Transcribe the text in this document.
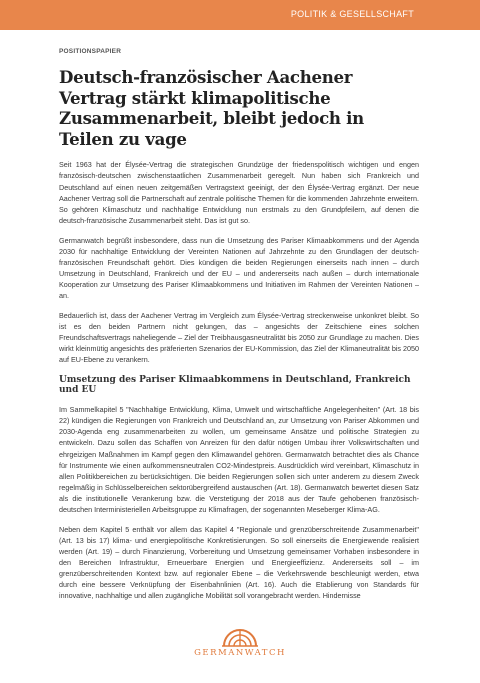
POLITIK & GESELLSCHAFT
POSITIONSPAPIER
Deutsch-französischer Aachener Vertrag stärkt klimapolitische Zusammenarbeit, bleibt jedoch in Teilen zu vage

Seit 1963 hat der Élysée-Vertrag die strategischen Grundzüge der friedenspolitisch wichtigen und engen französisch-deutschen zwischenstaatlichen Zusammenarbeit geregelt. Nun haben sich Frankreich und Deutschland auf einen neuen zeitgemäßen Vertragstext geeinigt, der den Élysée-Vertrag ergänzt. Der neue Aachener Vertrag soll die Partnerschaft auf zentrale politische Themen für die kommenden Jahrzehnte erweitern. So gehören Klimaschutz und nachhaltige Entwicklung nun erstmals zu den Grundpfeilern, auf denen die deutsch-französische Zusammenarbeit steht. Das ist gut so.

Germanwatch begrüßt insbesondere, dass nun die Umsetzung des Pariser Klimaabkommens und der Agenda 2030 für nachhaltige Entwicklung der Vereinten Nationen auf Jahrzehnte zu den Grundlagen der deutsch-französischen Freundschaft gehört. Dies kündigen die beiden Regierungen einerseits nach innen – durch Umsetzung in Deutschland, Frankreich und der EU – und andererseits nach außen – durch internationale Kooperation zur Umsetzung des Pariser Klimaabkommens und Initiativen im Rahmen der Vereinten Nationen – an.

Bedauerlich ist, dass der Aachener Vertrag im Vergleich zum Élysée-Vertrag streckenweise unkonkret bleibt. So ist es den beiden Partnern nicht gelungen, das – angesichts der Zeitschiene eines solchen Freundschaftsvertrags naheliegende – Ziel der Treibhausgasneutralität bis 2050 zur Grundlage zu machen. Dies wirkt kleinmütig angesichts des präferierten Szenarios der EU-Kommission, das Ziel der Klimaneutralität bis 2050 auf EU-Ebene zu verankern.

Umsetzung des Pariser Klimaabkommens in Deutschland, Frankreich und EU

Im Sammelkapitel 5 "Nachhaltige Entwicklung, Klima, Umwelt und wirtschaftliche Angelegenheiten" (Art. 18 bis 22) kündigen die Regierungen von Frankreich und Deutschland an, zur Umsetzung von Pariser Abkommen und 2030-Agenda eng zusammenarbeiten zu wollen, um gemeinsame Ansätze und politische Strategien zu entwickeln. Dazu sollen das Schaffen von Anreizen für den dafür nötigen Umbau ihrer Volkswirtschaften und ehrgeizigen Maßnahmen im Kampf gegen den Klimawandel gehören. Germanwatch betrachtet dies als Chance für Instrumente wie einen aufkommensneutralen CO2-Mindestpreis. Ausdrücklich wird vereinbart, Klimaschutz in allen Politikbereichen zu berücksichtigen. Die beiden Regierungen sollen sich unter anderem zu diesem Zweck regelmäßig in Schlüsselbereichen sektorübergreifend austauschen (Art. 18). Germanwatch bewertet diesen Satz als die institutionelle Verankerung bzw. die Verstetigung der 2018 aus der Taufe gehobenen französisch-deutschen Interministeriellen Arbeitsgruppe zu Klimafragen, der sogenannten Meseberger Klima-AG.

Neben dem Kapitel 5 enthält vor allem das Kapitel 4 "Regionale und grenzüberschreitende Zusammenarbeit" (Art. 13 bis 17) klima- und energiepolitische Konkretisierungen. So soll einerseits die Energiewende realisiert werden (Art. 19) – durch Finanzierung, Vorbereitung und Umsetzung gemeinsamer Vorhaben insbesondere in den Bereichen Infrastruktur, Erneuerbare Energien und Energieeffizienz. Andererseits soll – im grenzüberschreitenden Kontext bzw. auf regionaler Ebene – die Verkehrswende beschleunigt werden, etwa durch eine bessere Verknüpfung der Eisenbahnlinien (Art. 16). Auch die Etablierung von Standards für innovative, nachhaltige und allen zugängliche Mobilität soll vorangebracht werden. Hindernisse

GERMANWATCH
